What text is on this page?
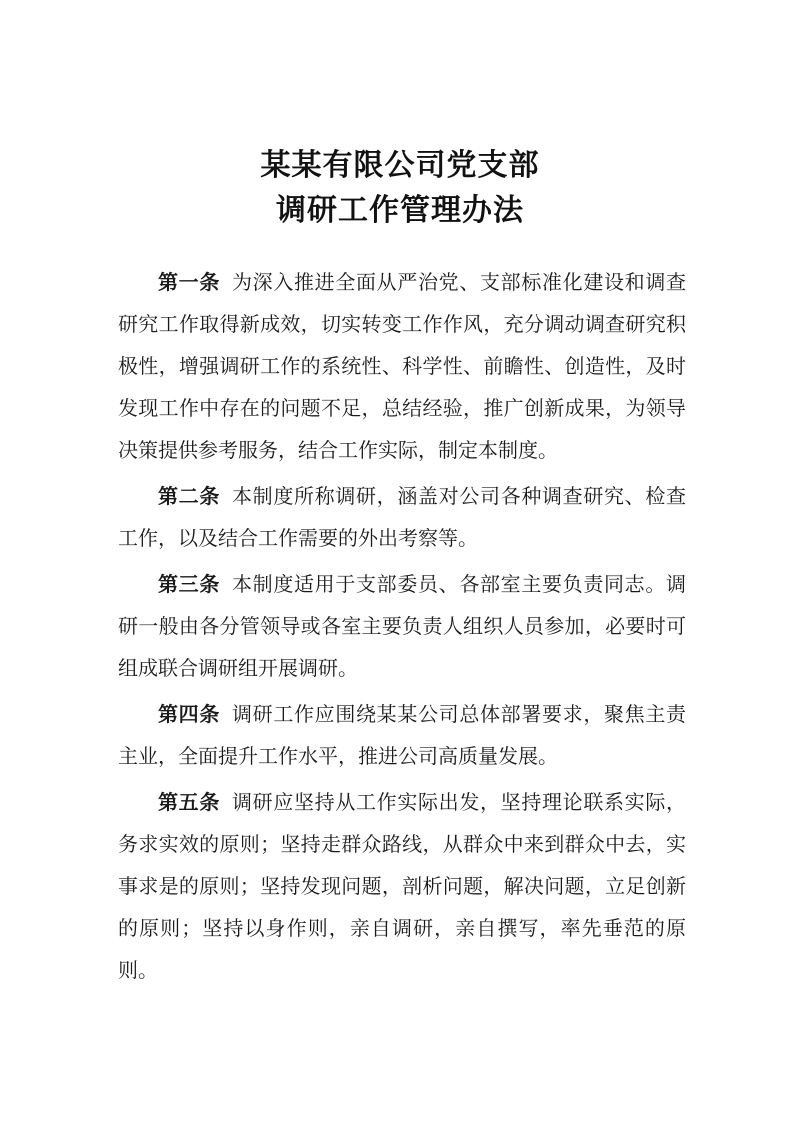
某某有限公司党支部
调研工作管理办法

第一条 为深入推进全面从严治党、支部标准化建设和调查研究工作取得新成效，切实转变工作作风，充分调动调查研究积极性，增强调研工作的系统性、科学性、前瞻性、创造性，及时发现工作中存在的问题不足，总结经验，推广创新成果，为领导决策提供参考服务，结合工作实际，制定本制度。

第二条 本制度所称调研，涵盖对公司各种调查研究、检查工作，以及结合工作需要的外出考察等。

第三条 本制度适用于支部委员、各部室主要负责同志。调研一般由各分管领导或各室主要负责人组织人员参加，必要时可组成联合调研组开展调研。

第四条 调研工作应围绕某某公司总体部署要求，聚焦主责主业，全面提升工作水平，推进公司高质量发展。

第五条 调研应坚持从工作实际出发，坚持理论联系实际，务求实效的原则；坚持走群众路线，从群众中来到群众中去，实事求是的原则；坚持发现问题，剖析问题，解决问题，立足创新的原则；坚持以身作则，亲自调研，亲自撰写，率先垂范的原则。
